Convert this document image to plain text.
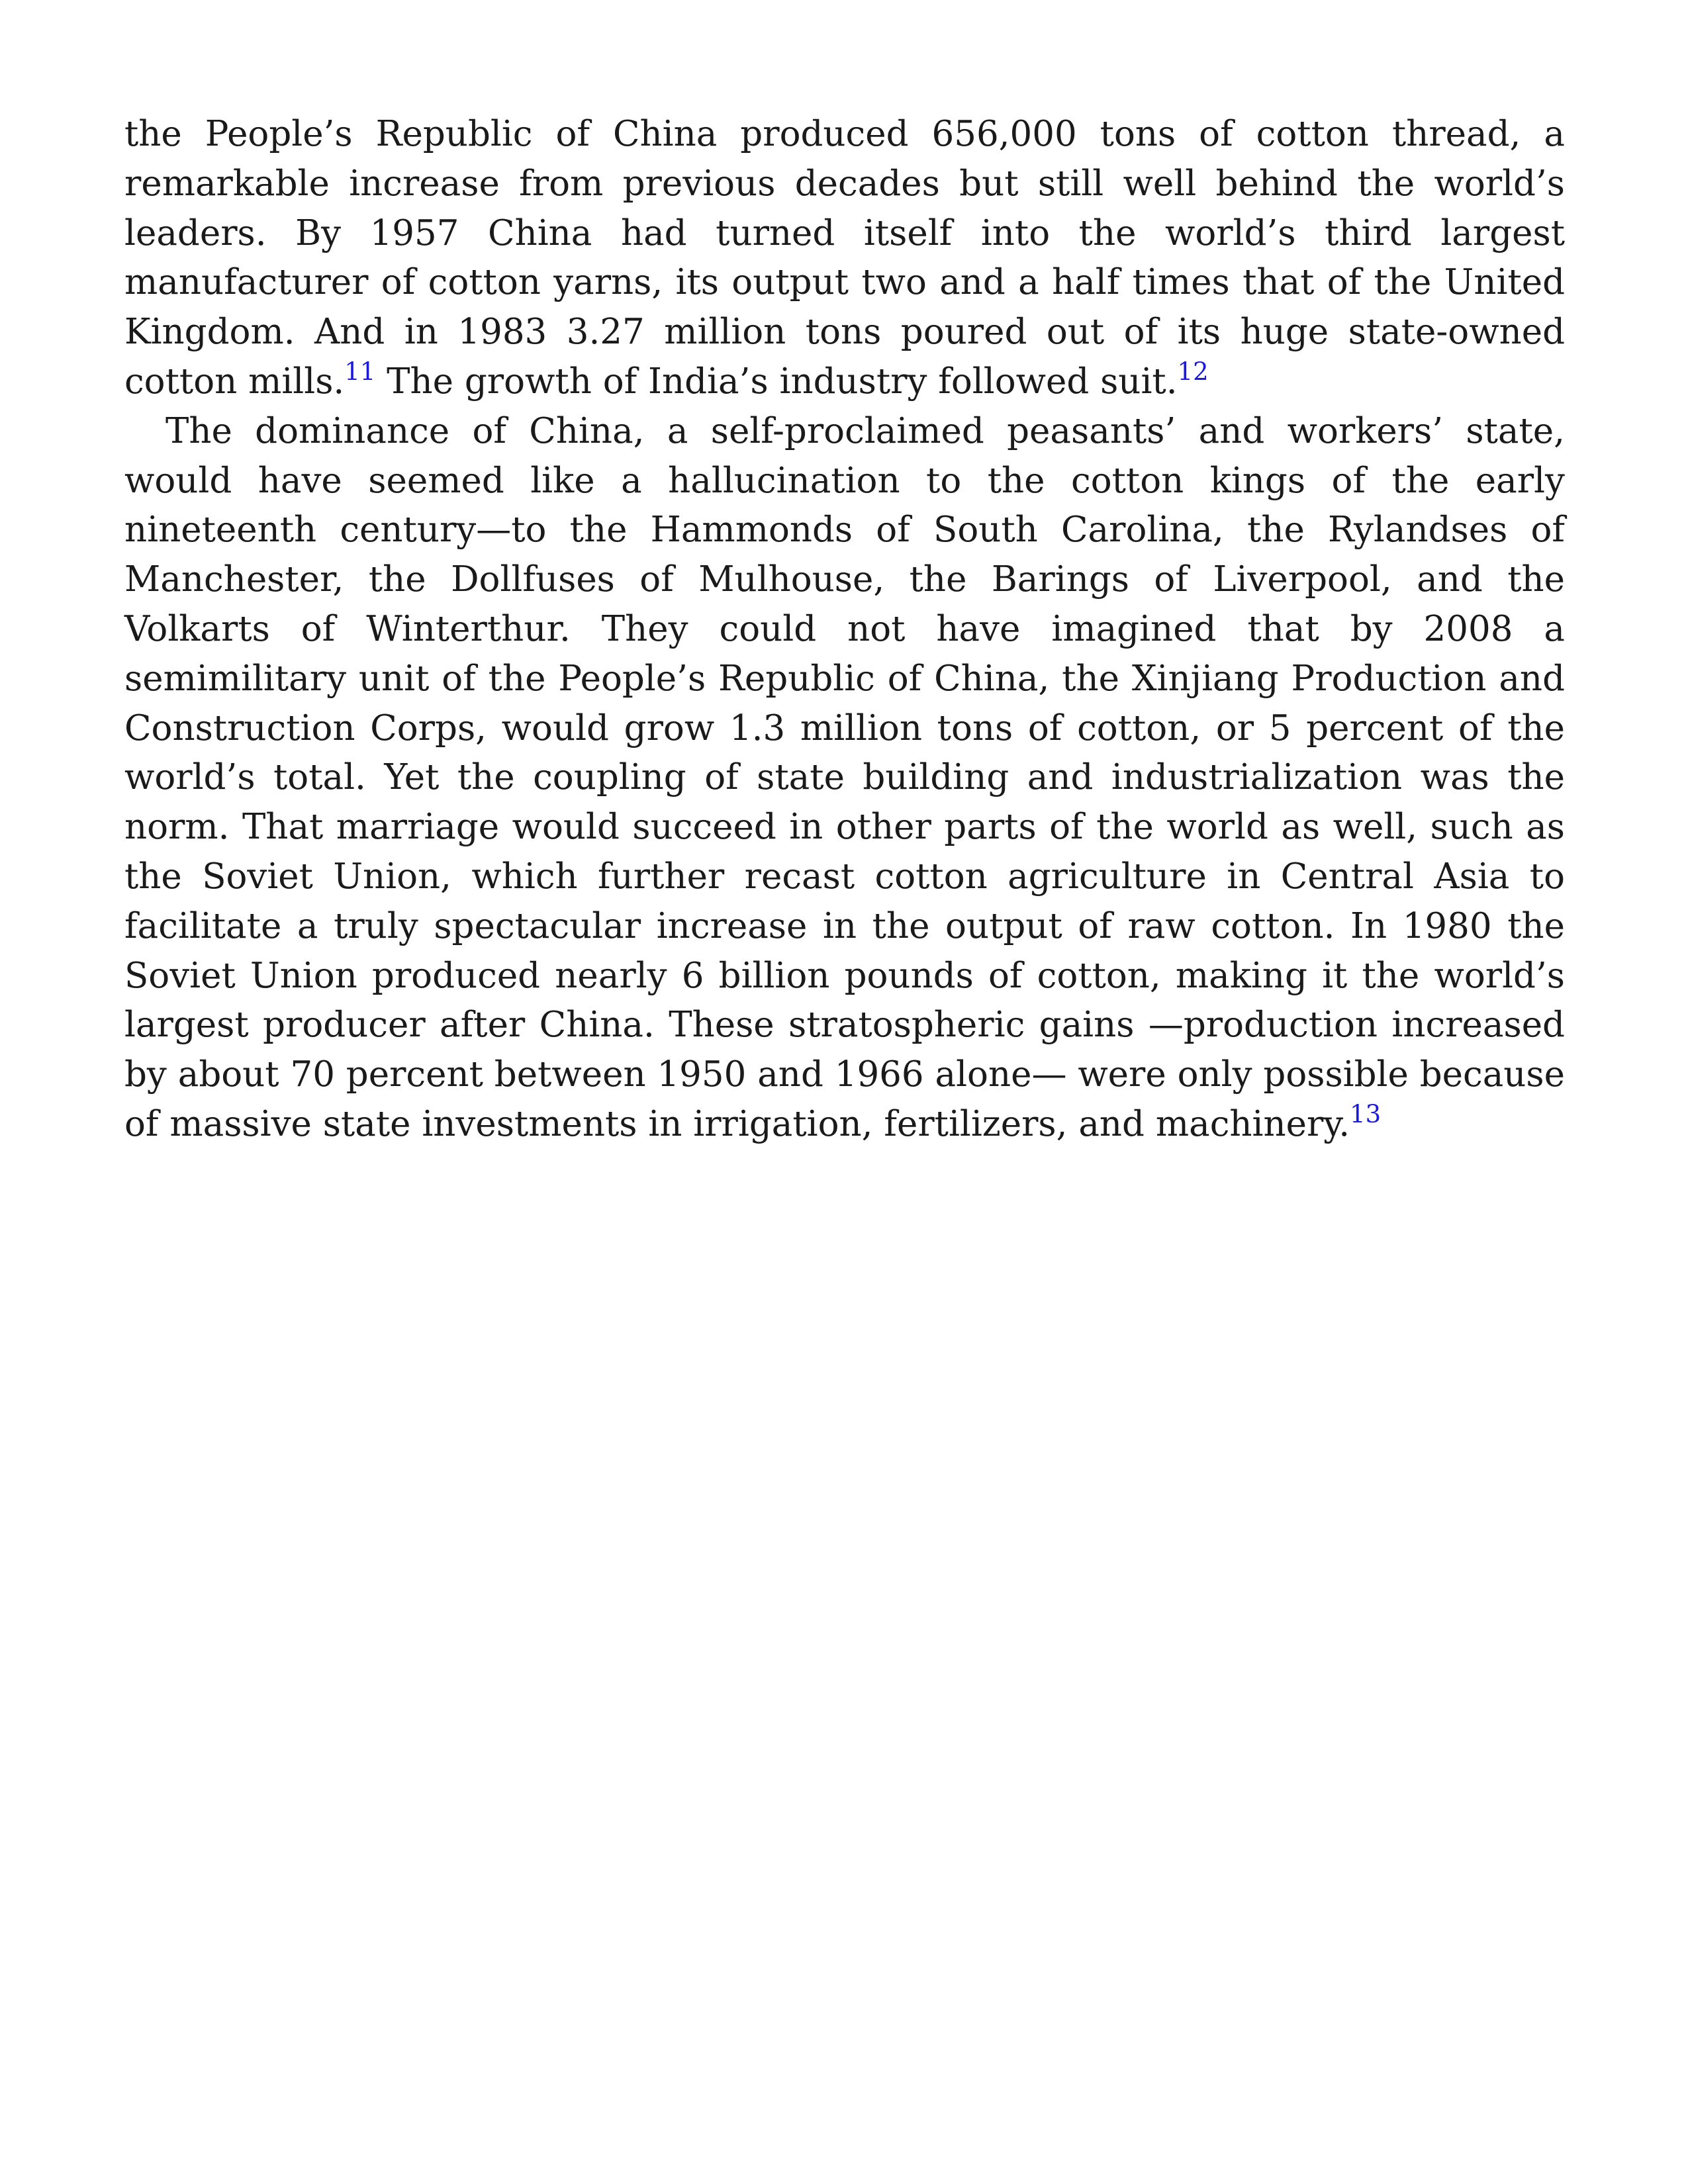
the People’s Republic of China produced 656,000 tons of cotton thread, a remarkable increase from previous decades but still well behind the world’s leaders. By 1957 China had turned itself into the world’s third largest manufacturer of cotton yarns, its output two and a half times that of the United Kingdom. And in 1983 3.27 million tons poured out of its huge state-owned cotton mills.$^{11}$ The growth of India’s industry followed suit.$^{12}$

The dominance of China, a self-proclaimed peasants’ and workers’ state, would have seemed like a hallucination to the cotton kings of the early nineteenth century—to the Hammonds of South Carolina, the Rylandses of Manchester, the Dollfuses of Mulhouse, the Barings of Liverpool, and the Volkarts of Winterthur. They could not have imagined that by 2008 a semimilitary unit of the People’s Republic of China, the Xinjiang Production and Construction Corps, would grow 1.3 million tons of cotton, or 5 percent of the world’s total. Yet the coupling of state building and industrialization was the norm. That marriage would succeed in other parts of the world as well, such as the Soviet Union, which further recast cotton agriculture in Central Asia to facilitate a truly spectacular increase in the output of raw cotton. In 1980 the Soviet Union produced nearly 6 billion pounds of cotton, making it the world’s largest producer after China. These stratospheric gains —production increased by about 70 percent between 1950 and 1966 alone— were only possible because of massive state investments in irrigation, fertilizers, and machinery.$^{13}$
